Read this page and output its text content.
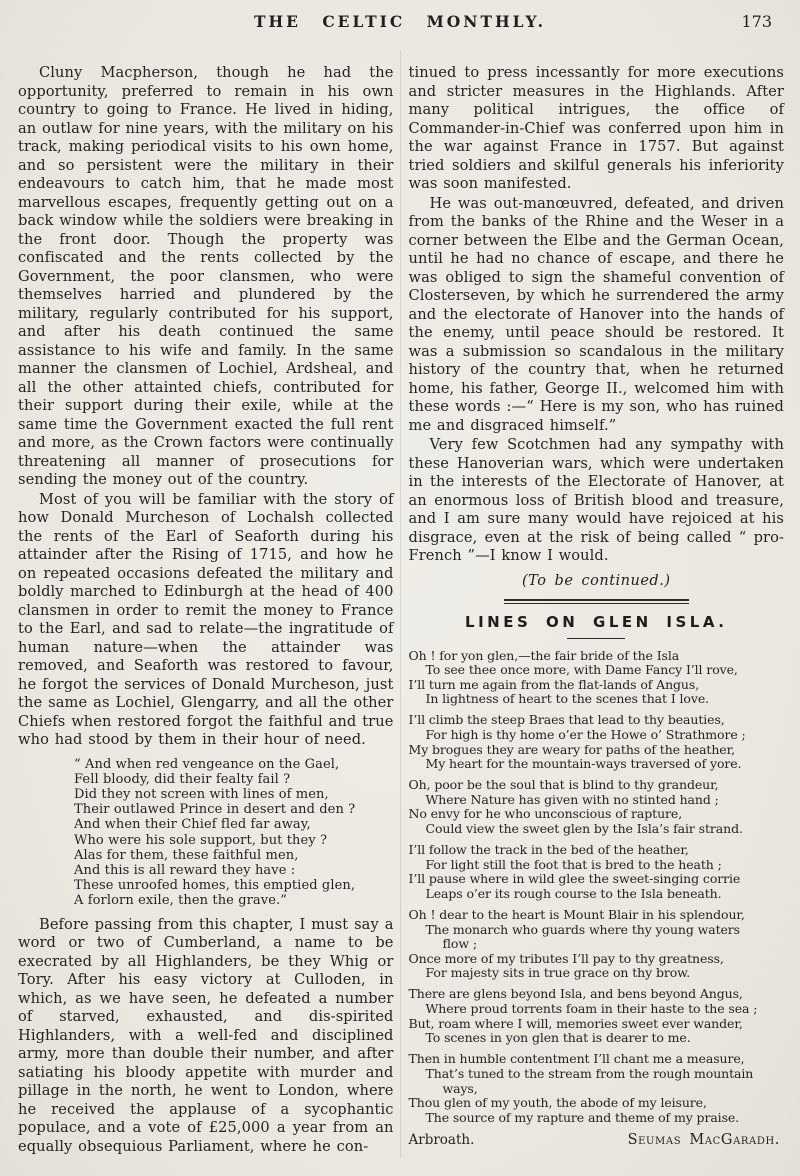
THE CELTIC MONTHLY.	173

Cluny Macpherson, though he had the opportunity, preferred to remain in his own country to going to France. He lived in hiding, an outlaw for nine years, with the military on his track, making periodical visits to his own home, and so persistent were the military in their endeavours to catch him, that he made most marvellous escapes, frequently getting out on a back window while the soldiers were breaking in the front door. Though the property was confiscated and the rents collected by the Government, the poor clansmen, who were themselves harried and plundered by the military, regularly contributed for his support, and after his death continued the same assistance to his wife and family. In the same manner the clansmen of Lochiel, Ardsheal, and all the other attainted chiefs, contributed for their support during their exile, while at the same time the Government exacted the full rent and more, as the Crown factors were continually threatening all manner of prosecutions for sending the money out of the country.

Most of you will be familiar with the story of how Donald Murcheson of Lochalsh collected the rents of the Earl of Seaforth during his attainder after the Rising of 1715, and how he on repeated occasions defeated the military and boldly marched to Edinburgh at the head of 400 clansmen in order to remit the money to France to the Earl, and sad to relate—the ingratitude of human nature—when the attainder was removed, and Seaforth was restored to favour, he forgot the services of Donald Murcheson, just the same as Lochiel, Glengarry, and all the other Chiefs when restored forgot the faithful and true who had stood by them in their hour of need.

“ And when red vengeance on the Gael,
Fell bloody, did their fealty fail ?
Did they not screen with lines of men,
Their outlawed Prince in desert and den ?
And when their Chief fled far away,
Who were his sole support, but they ?
Alas for them, these faithful men,
And this is all reward they have :
These unroofed homes, this emptied glen,
A forlorn exile, then the grave.”

Before passing from this chapter, I must say a word or two of Cumberland, a name to be execrated by all Highlanders, be they Whig or Tory. After his easy victory at Culloden, in which, as we have seen, he defeated a number of starved, exhausted, and dis-spirited Highlanders, with a well-fed and disciplined army, more than double their number, and after satiating his bloody appetite with murder and pillage in the north, he went to London, where he received the applause of a sycophantic populace, and a vote of £25,000 a year from an equally obsequious Parliament, where he con-

tinued to press incessantly for more executions and stricter measures in the Highlands. After many political intrigues, the office of Commander-in-Chief was conferred upon him in the war against France in 1757. But against tried soldiers and skilful generals his inferiority was soon manifested.

He was out-manœuvred, defeated, and driven from the banks of the Rhine and the Weser in a corner between the Elbe and the German Ocean, until he had no chance of escape, and there he was obliged to sign the shameful convention of Closterseven, by which he surrendered the army and the electorate of Hanover into the hands of the enemy, until peace should be restored. It was a submission so scandalous in the military history of the country that, when he returned home, his father, George II., welcomed him with these words :—“ Here is my son, who has ruined me and disgraced himself.”

Very few Scotchmen had any sympathy with these Hanoverian wars, which were undertaken in the interests of the Electorate of Hanover, at an enormous loss of British blood and treasure, and I am sure many would have rejoiced at his disgrace, even at the risk of being called “ pro-French ”—I know I would.

(To be continued.)
LINES ON GLEN ISLA.
Oh ! for yon glen,—the fair bride of the Isla
To see thee once more, with Dame Fancy I’ll rove,
I’ll turn me again from the flat-lands of Angus,
In lightness of heart to the scenes that I love.
I’ll climb the steep Braes that lead to thy beauties,
For high is thy home o’er the Howe o’ Strathmore ;
My brogues they are weary for paths of the heather,
My heart for the mountain-ways traversed of yore.
Oh, poor be the soul that is blind to thy grandeur,
Where Nature has given with no stinted hand ;
No envy for he who unconscious of rapture,
Could view the sweet glen by the Isla’s fair strand.
I’ll follow the track in the bed of the heather,
For light still the foot that is bred to the heath ;
I’ll pause where in wild glee the sweet-singing corrie
Leaps o’er its rough course to the Isla beneath.
Oh ! dear to the heart is Mount Blair in his splendour,
The monarch who guards where thy young waters
flow ;
Once more of my tributes I’ll pay to thy greatness,
For majesty sits in true grace on thy brow.
There are glens beyond Isla, and bens beyond Angus,
Where proud torrents foam in their haste to the sea ;
But, roam where I will, memories sweet ever wander,
To scenes in yon glen that is dearer to me.
Then in humble contentment I’ll chant me a measure,
That’s tuned to the stream from the rough mountain
ways,
Thou glen of my youth, the abode of my leisure,
The source of my rapture and theme of my praise.
Arbroath.	Seumas MacGaradh.
